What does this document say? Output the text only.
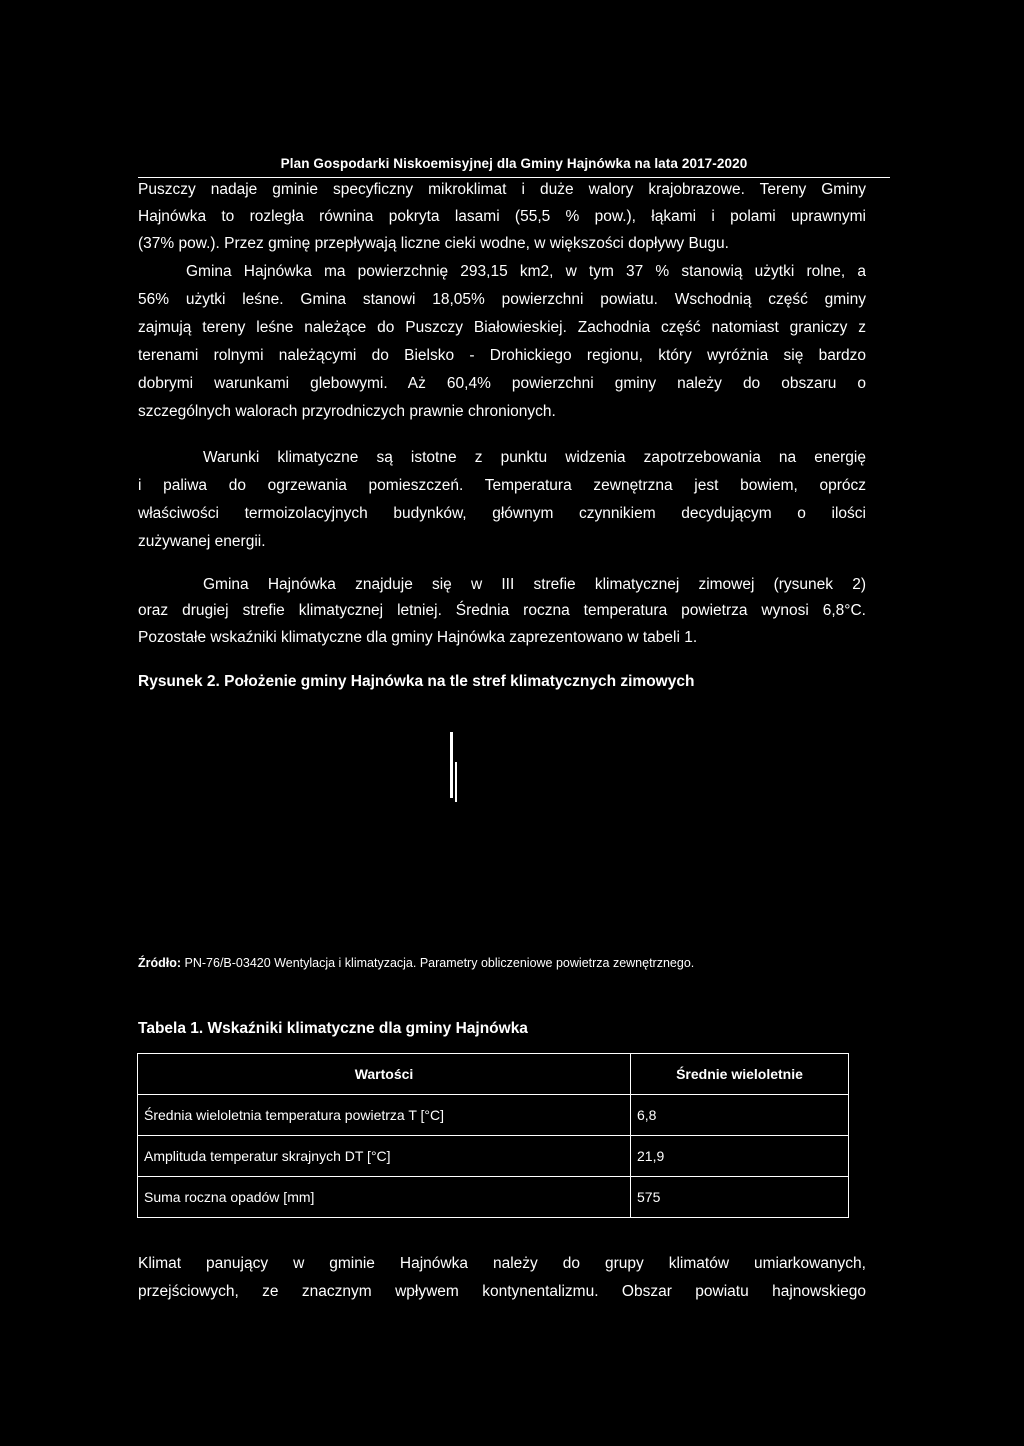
Plan Gospodarki Niskoemisyjnej dla Gminy Hajnówka na lata 2017-2020
Puszczy nadaje gminie specyficzny mikroklimat i duże walory krajobrazowe. Tereny Gminy
Hajnówka to rozległa równina pokryta lasami (55,5 % pow.), łąkami i polami uprawnymi
(37% pow.). Przez gminę przepływają liczne cieki wodne, w większości dopływy Bugu.
Gmina Hajnówka ma powierzchnię 293,15 km2, w tym 37 % stanowią użytki rolne, a
56% użytki leśne. Gmina stanowi 18,05% powierzchni powiatu. Wschodnią część gminy
zajmują tereny leśne należące do Puszczy Białowieskiej. Zachodnia część natomiast graniczy z
terenami rolnymi należącymi do Bielsko - Drohickiego regionu, który wyróżnia się bardzo
dobrymi warunkami glebowymi. Aż 60,4% powierzchni gminy należy do obszaru o
szczególnych walorach przyrodniczych prawnie chronionych.
Warunki klimatyczne są istotne z punktu widzenia zapotrzebowania na energię
i paliwa do ogrzewania pomieszczeń. Temperatura zewnętrzna jest bowiem, oprócz
właściwości termoizolacyjnych budynków, głównym czynnikiem decydującym o ilości
zużywanej energii.
Gmina Hajnówka znajduje się w III strefie klimatycznej zimowej (rysunek 2)
oraz drugiej strefie klimatycznej letniej. Średnia roczna temperatura powietrza wynosi 6,8°C.
Pozostałe wskaźniki klimatyczne dla gminy Hajnówka zaprezentowano w tabeli 1.
Rysunek 2. Położenie gminy Hajnówka na tle stref klimatycznych zimowych
Źródło: PN-76/B-03420 Wentylacja i klimatyzacja. Parametry obliczeniowe powietrza zewnętrznego.
Tabela 1. Wskaźniki klimatyczne dla gminy Hajnówka
Wartości	Średnie wieloletnie
Średnia wieloletnia temperatura powietrza T [°C]	6,8
Amplituda temperatur skrajnych DT [°C]	21,9
Suma roczna opadów [mm]	575
Klimat panujący w gminie Hajnówka należy do grupy klimatów umiarkowanych,
przejściowych, ze znacznym wpływem kontynentalizmu. Obszar powiatu hajnowskiego
